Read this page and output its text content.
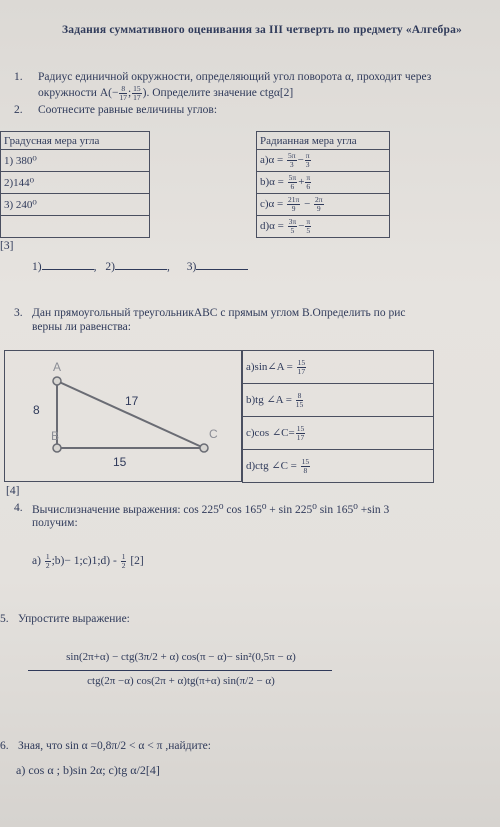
Задания суммативного оценивания за III четверть по предмету «Алгебра»
1. Радиус единичной окружности, определяющий угол поворота α, проходит через
окружности $А(- \frac{8}{17}$ ; $\frac{15}{17}$ ). Определите значение ctgα[2]
2. Соотнесите равные величины углов:
Градусная мера угла
1) 380⁰
2)144⁰
3) 240⁰

Радианная мера угла
$a)\alpha = \frac{5\pi}{3} - \frac{\pi}{3}$

$b)\alpha = \frac{5\pi}{6} + \frac{\pi}{6}$

$c)\alpha = \frac{21\pi}{9} - \frac{2\pi}{9}$

$d)\alpha = \frac{3\pi}{5} - \frac{\pi}{5}$
[3]
1)	, 2)	, 3)
3. Дан прямоугольный треугольникABC с прямым углом B.Определить по рис
верны ли равенства:
A
B	C
8
17
15
a)sin∠A = $\frac{15}{17}$

b)tg ∠A = $\frac{8}{15}$

c)cos ∠C= $\frac{15}{17}$

d)ctg ∠C = $\frac{15}{8}$
[4]
4. Вычислизначение выражения: cos 225⁰ cos 165⁰ + sin 225⁰ sin 165⁰ +sin 3
получим:
$a) \frac{1}{2}$ ;b)− 1;c)1;d) - $\frac{1}{2} [2]$
5. Упростите выражение:
sin(2π+α) − ctg(3π/2 + α) cos(π − α)− sin²(0,5π − α)
ctg(2π −α) cos(2π + α)tg(π+α) sin(π/2 − α)
6. Зная, что sin α =0,8π/2 < α < π ,найдите:
a) cos α ; b)sin 2α; c)tg α/2[4]
